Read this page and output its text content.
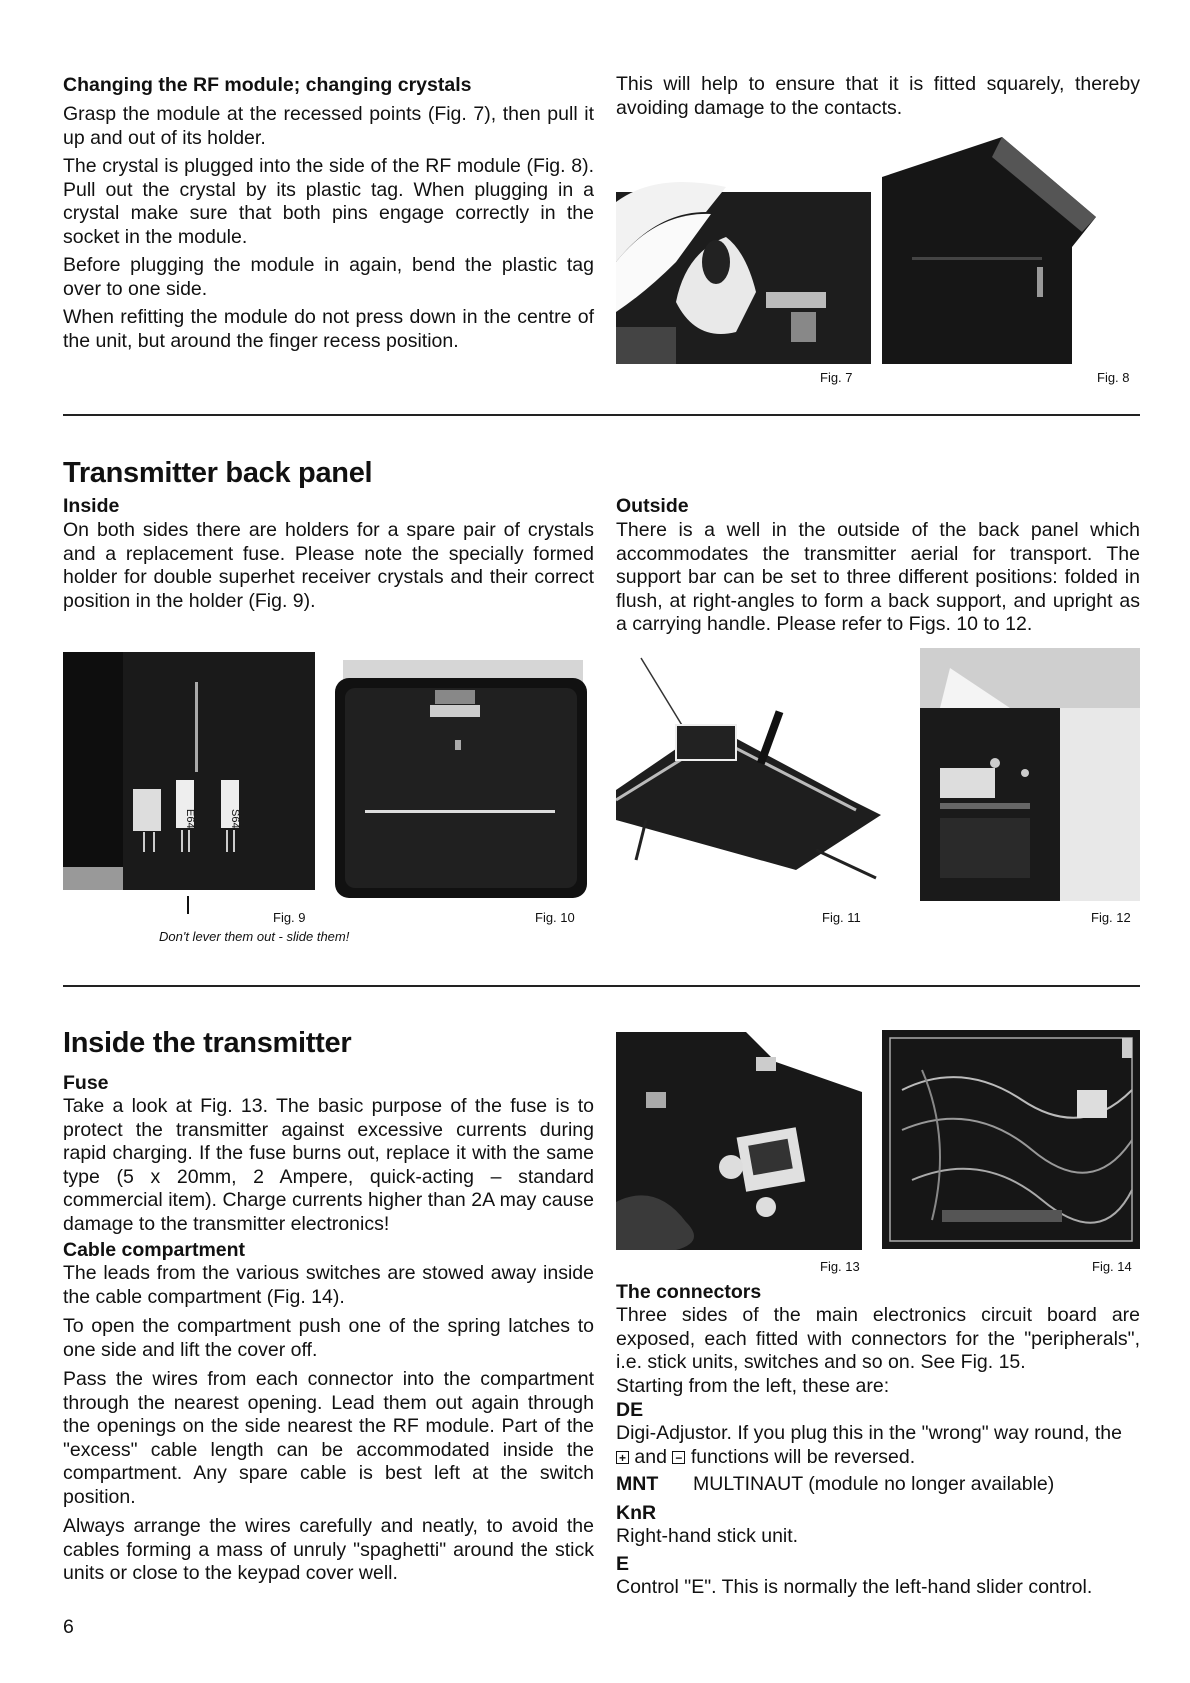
Changing the RF module; changing crystals

Grasp the module at the recessed points (Fig. 7), then pull it up and out of its holder.

The crystal is plugged into the side of the RF module (Fig. 8). Pull out the crystal by its plastic tag. When plugging in a crystal make sure that both pins engage correctly in the socket in the module.

Before plugging the module in again, bend the plastic tag over to one side.

When refitting the module do not press down in the centre of the unit, but around the finger recess position.

This will help to ensure that it is fitted squarely, thereby avoiding damage to the contacts.

Fig. 7	Fig. 8
Transmitter back panel
Inside

On both sides there are holders for a spare pair of crystals and a replacement fuse. Please note the specially formed holder for double superhet receiver crystals and their correct position in the holder (Fig. 9).

Outside

There is a well in the outside of the back panel which accommodates the transmitter aerial for transport. The support bar can be set to three different positions: folded in flush, at right-angles to form a back support, and upright as a carrying handle. Please refer to Figs. 10 to 12.

E64	S64
Fig. 9	Fig. 10
Don't lever them out - slide them!
Fig. 11	Fig. 12
Inside the transmitter
Fuse

Take a look at Fig. 13. The basic purpose of the fuse is to protect the transmitter against excessive currents during rapid charging. If the fuse burns out, replace it with the same type (5 x 20mm, 2 Ampere, quick-acting – standard commercial item). Charge currents higher than 2A may cause damage to the transmitter electronics!

Cable compartment

The leads from the various switches are stowed away inside the cable compartment (Fig. 14).

To open the compartment push one of the spring latches to one side and lift the cover off.

Pass the wires from each connector into the compartment through the nearest opening. Lead them out again through the openings on the side nearest the RF module. Part of the "excess" cable length can be accommodated inside the compartment. Any spare cable is best left at the switch position.

Always arrange the wires carefully and neatly, to avoid the cables forming a mass of unruly "spaghetti" around the stick units or close to the keypad cover well.

Fig. 13	Fig. 14
The connectors

Three sides of the main electronics circuit board are exposed, each fitted with connectors for the "peripherals", i.e. stick units, switches and so on. See Fig. 15.

Starting from the left, these are:

DE

Digi-Adjustor. If you plug this in the "wrong" way round, the + and − functions will be reversed.

MNT MULTINAUT (module no longer available)

KnR

Right-hand stick unit.

E

Control "E". This is normally the left-hand slider control.

6
